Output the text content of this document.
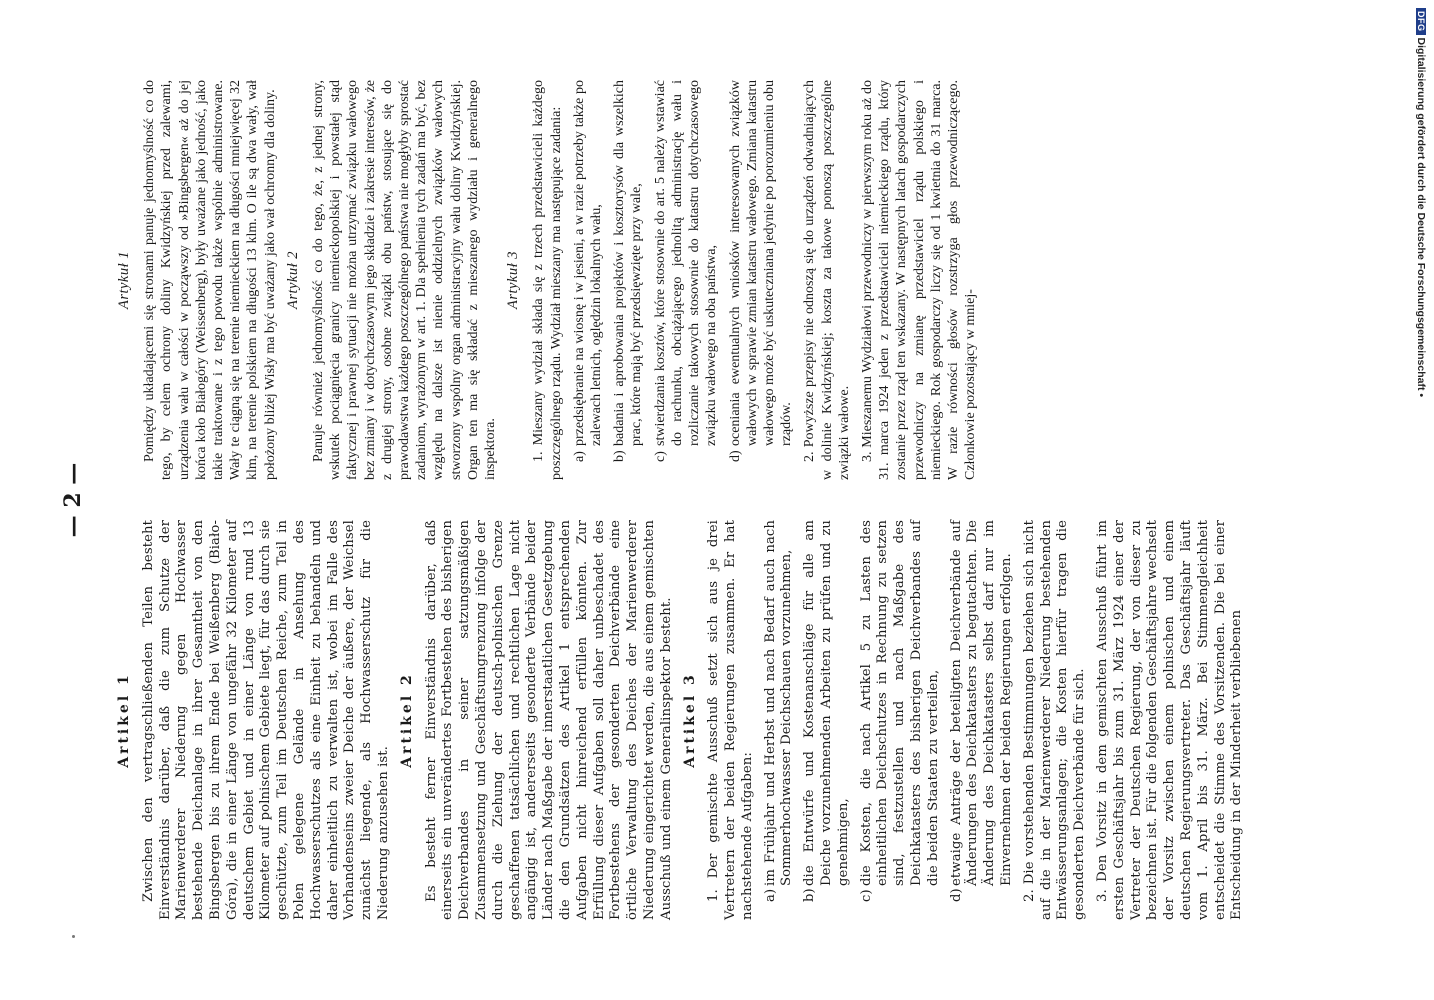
— 2 —
Artikel 1 Zwischen den vertragschließenden Teilen besteht Einverständnis darüber, daß die zum Schutze der Marienwerderer Niederung gegen Hochwasser bestehende Deichanlage in ihrer Gesamtheit von den Bingsbergen bis zu ihrem Ende bei Weißenberg (Biało-Góra), die in einer Länge von ungefähr 32 Kilometer auf deutschem Gebiet und in einer Länge von rund 13 Kilometer auf polnischem Gebiete liegt, für das durch sie geschützte, zum Teil im Deutschen Reiche, zum Teil in Polen gelegene Gelände in Ansehung des Hochwasserschutzes als eine Einheit zu behandeln und daher einheitlich zu verwalten ist, wobei im Falle des Vorhandenseins zweier Deiche der äußere, der Weichsel zunächst liegende, als Hochwasserschutz für die Niederung anzusehen ist.

Artikel 2 Es besteht ferner Einverständnis darüber, daß einerseits ein unverändertes Fortbestehen des bisherigen Deichverbandes in seiner satzungsmäßigen Zusammensetzung und Geschäftsumgrenzung infolge der durch die Ziehung der deutsch-polnischen Grenze geschaffenen tatsächlichen und rechtlichen Lage nicht angängig ist, andererseits gesonderte Verbände beider Länder nach Maßgabe der innerstaatlichen Gesetzgebung die den Grundsätzen des Artikel 1 entsprechenden Aufgaben nicht hinreichend erfüllen könnten. Zur Erfüllung dieser Aufgaben soll daher unbeschadet des Fortbestehens der gesonderten Deichverbände eine örtliche Verwaltung des Deiches der Marienwerderer Niederung eingerichtet werden, die aus einem gemischten Ausschuß und einem Generalinspektor besteht. Artikel 3 1. Der gemischte Ausschuß setzt sich aus je drei Vertretern der beiden Regierungen zusammen. Er hat nachstehende Aufgaben: a)im Frühjahr und Herbst und nach Bedarf auch nach Sommerhochwasser Deichschauen vorzunehmen,
b)die Entwürfe und Kostenanschläge für alle am Deiche vorzunehmenden Arbeiten zu prüfen und zu genehmigen,
c)die Kosten, die nach Artikel 5 zu Lasten des einheitlichen Deichschutzes in Rechnung zu setzen sind, festzustellen und nach Maßgabe des Deichkatasters des bisherigen Deichverbandes auf die beiden Staaten zu verteilen,
d)etwaige Anträge der beteiligten Deichverbände auf Änderungen des Deichkatasters zu begutachten. Die Änderung des Deichkatasters selbst darf nur im Einvernehmen der beiden Regierungen erfolgen. 2. Die vorstehenden Bestimmungen beziehen sich nicht auf die in der Marienwerderer Niederung bestehenden Entwässerungsanlagen; die Kosten hierfür tragen die gesonderten Deichverbände für sich. 3. Den Vorsitz in dem gemischten Ausschuß führt im ersten Geschäftsjahr bis zum 31. März 1924 einer der Vertreter der Deutschen Regierung, der von dieser zu bezeichnen ist. Für die folgenden Geschäftsjahre wechselt der Vorsitz zwischen einem polnischen und einem deutschen Regierungsvertreter. Das Geschäftsjahr läuft vom 1. April bis 31. März. Bei Stimmengleichheit entscheidet die Stimme des Vorsitzenden. Die bei einer Entscheidung in der Minderheit verbliebenen

Artykuł 1 Pomiędzy układającemi się stronami panuje jednomyślność co do tego, by celem ochrony doliny Kwidzyńskiej przed zalewami, urządzenia wału w całości w począwszy od »Bingsbergen« aż do jej końca koło Białogóry (Weissenberg), były uważane jako jedność, jako takie traktowane i z tego powodu także wspólnie administrowane. Wały te ciągną się na terenie niemieckiem na długości mniejwięcej 32 klm, na terenie polskiem na długości 13 klm. O ile są dwa wały, wał położony bliżej Wisły ma być uważany jako wał ochronny dla doliny. Artykuł 2 Panuje również jednomyślność co do tego, że, z jednej strony, wskutek pociągnięcia granicy niemieckopolskiej i powstałej stąd faktycznej i prawnej sytuacji nie można utrzymać związku wałowego bez zmiany i w dotychczasowym jego składzie i zakresie interesów, że z drugiej strony, osobne związki obu państw, stosujące się do prawodawstwa każdego poszczególnego państwa nie mogłyby sprostać zadaniom, wyrażonym w art. 1. Dla spełnienia tych zadań ma być, bez względu na dalsze ist nienie oddzielnych związków wałowych stworzony wspólny organ administracyjny wału doliny Kwidzyńskiej. Organ ten ma się składać z mieszanego wydziału i generalnego inspektora.

Artykuł 3 1. Mieszany wydział składa się z trzech przedstawicieli każdego poszczególnego rządu. Wydział mieszany ma następujące zadania: a)przedsiębranie na wiosnę i w jesieni, a w razie potrzeby także po zalewach letnich, oględzin lokalnych wału,
b)badania i aprobowania projektów i kosztorysów dla wszelkich prac, które mają być przedsięwzięte przy wale,
c)stwierdzania kosztów, które stosownie do art. 5 należy wstawiać do rachunku, obciążającego jednolitą administrację wału i rozliczanie takowych stosownie do katastru dotychczasowego związku wałowego na oba państwa,
d)oceniania ewentualnych wniosków interesowanych związków wałowych w sprawie zmian katastru wałowego. Zmiana katastru wałowego może być uskuteczniana jedynie po porozumieniu obu rządów. 2. Powyższe przepisy nie odnoszą się do urządzeń odwadniających w dolinie Kwidzyńskiej; koszta za takowe ponoszą poszczególne związki wałowe. 3. Mieszanemu Wydziałowi przewodniczy w pierwszym roku aż do 31. marca 1924 jeden z przedstawicieli niemieckiego rządu, który zostanie przez rząd ten wskazany. W następnych latach gospodarczych przewodniczy na zmianę przedstawiciel rządu polskiego i niemieckiego. Rok gospodarczy liczy się od 1 kwietnia do 31 marca. W razie równości głosów rozstrzyga głos przewodniczącego. Członkowie pozostający w mniej-

DFGDigitalisierung gefördert durch die Deutsche Forschungsgemeinschaft •
